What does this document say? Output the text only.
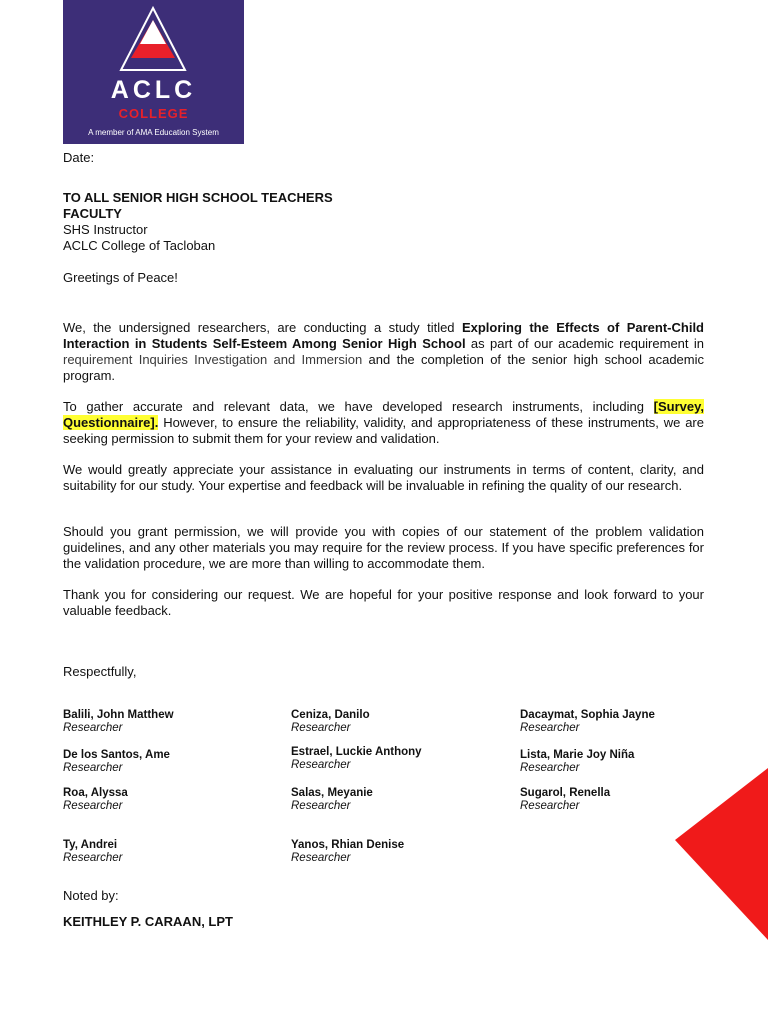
ACLC
COLLEGE
A member of AMA Education System
Date:
TO ALL SENIOR HIGH SCHOOL TEACHERS
FACULTY
SHS Instructor
ACLC College of Tacloban
Greetings of Peace!
We, the undersigned researchers, are conducting a study titled Exploring the Effects of Parent-Child Interaction in Students Self-Esteem Among Senior High School as part of our academic requirement in requirement Inquiries Investigation and Immersion and the completion of the senior high school academic program.
To gather accurate and relevant data, we have developed research instruments, including [Survey, Questionnaire]. However, to ensure the reliability, validity, and appropriateness of these instruments, we are seeking permission to submit them for your review and validation.
We would greatly appreciate your assistance in evaluating our instruments in terms of content, clarity, and suitability for our study. Your expertise and feedback will be invaluable in refining the quality of our research.
Should you grant permission, we will provide you with copies of our statement of the problem validation guidelines, and any other materials you may require for the review process. If you have specific preferences for the validation procedure, we are more than willing to accommodate them.
Thank you for considering our request. We are hopeful for your positive response and look forward to your valuable feedback.
Respectfully,
Balili, John Matthew
Researcher
Ceniza, Danilo
Researcher
Dacaymat, Sophia Jayne
Researcher
De los Santos, Ame
Researcher
Estrael, Luckie Anthony
Researcher
Lista, Marie Joy Niña
Researcher
Roa, Alyssa
Researcher
Salas, Meyanie
Researcher
Sugarol, Renella
Researcher
Ty, Andrei
Researcher
Yanos, Rhian Denise
Researcher
Noted by:
KEITHLEY P. CARAAN, LPT
